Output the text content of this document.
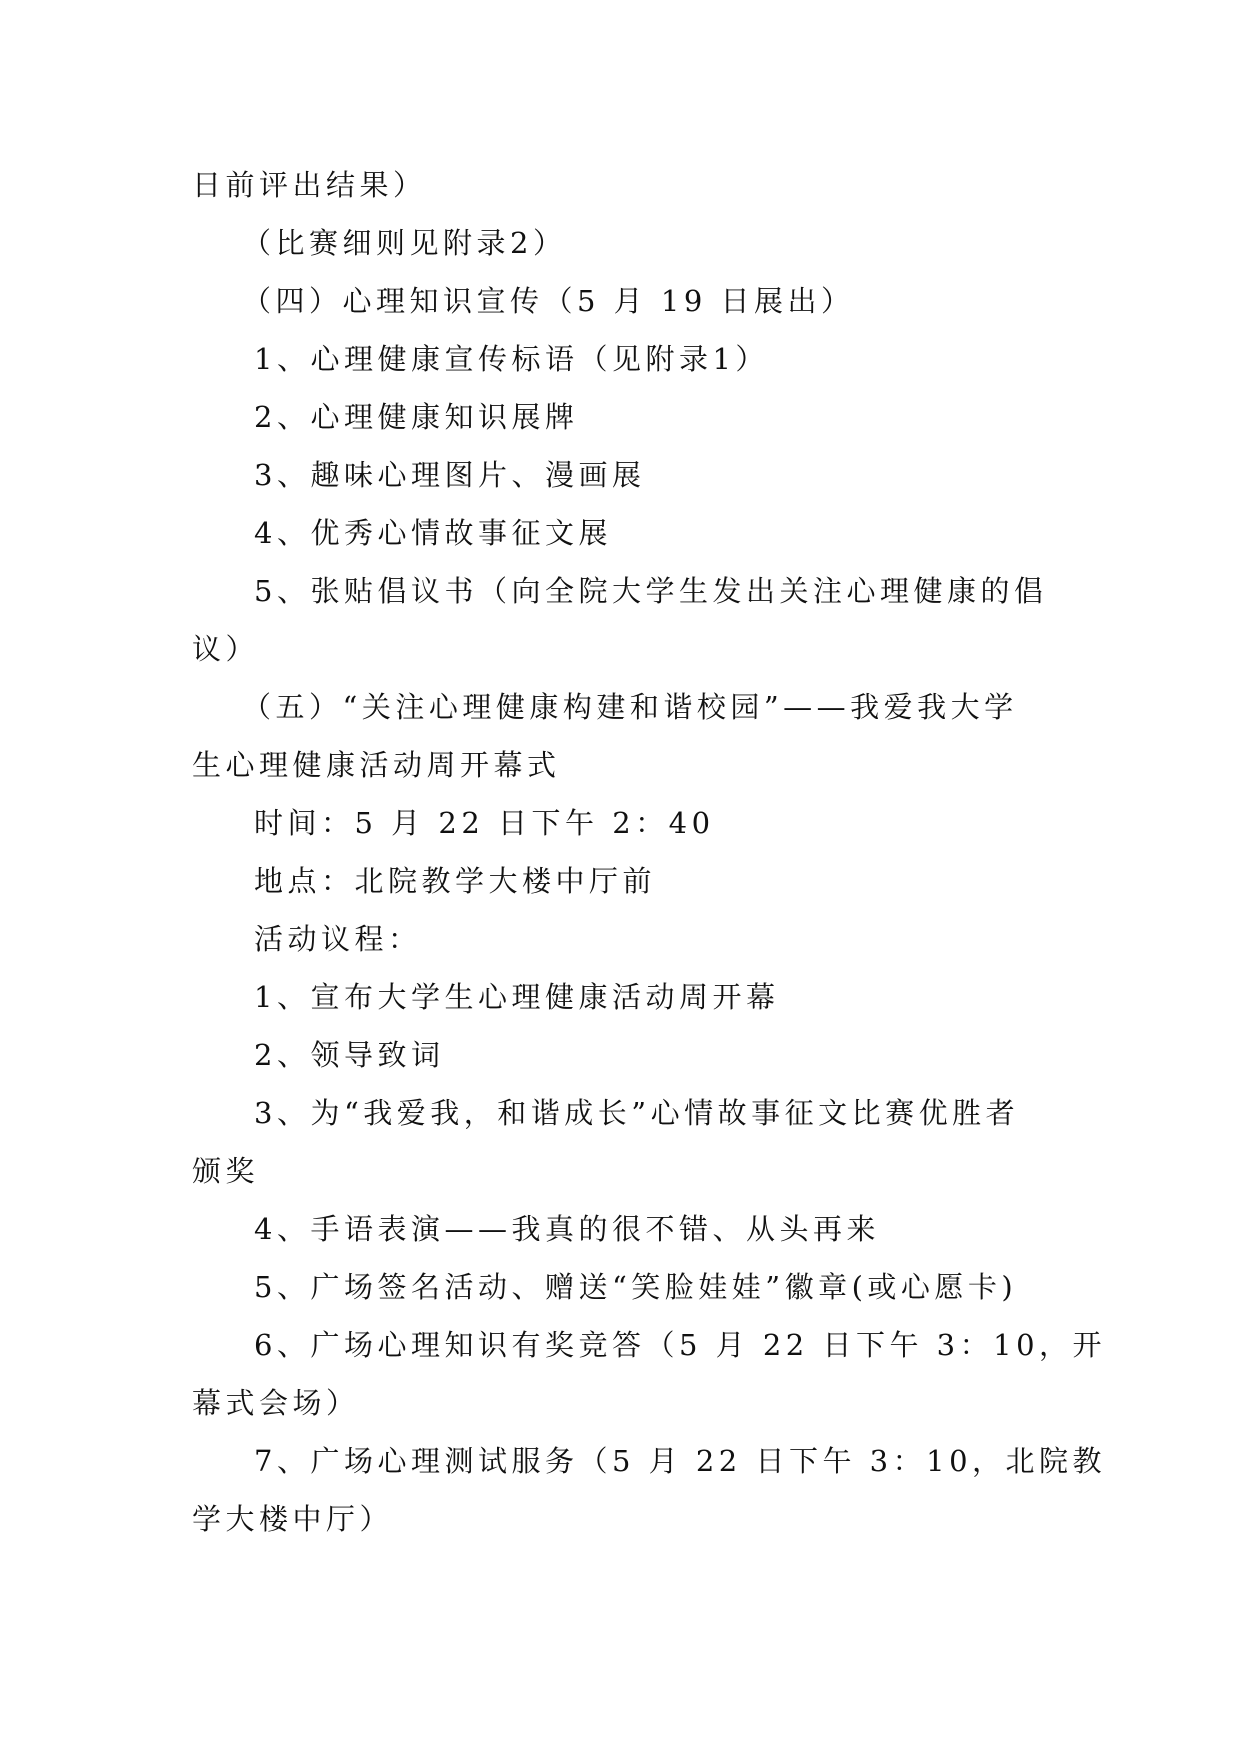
日前评出结果）

（比赛细则见附录2）

（四）心理知识宣传（5 月 19 日展出）

1、心理健康宣传标语（见附录1）

2、心理健康知识展牌

3、趣味心理图片、漫画展

4、优秀心情故事征文展

5、张贴倡议书（向全院大学生发出关注心理健康的倡

议）

（五）“关注心理健康构建和谐校园”——我爱我大学

生心理健康活动周开幕式

时间：5 月 22 日下午 2：40

地点：北院教学大楼中厅前

活动议程：

1、宣布大学生心理健康活动周开幕

2、领导致词

3、为“我爱我，和谐成长”心情故事征文比赛优胜者

颁奖

4、手语表演——我真的很不错、从头再来

5、广场签名活动、赠送“笑脸娃娃”徽章(或心愿卡)

6、广场心理知识有奖竞答（5 月 22 日下午 3：10，开

幕式会场）

7、广场心理测试服务（5 月 22 日下午 3：10，北院教

学大楼中厅）
